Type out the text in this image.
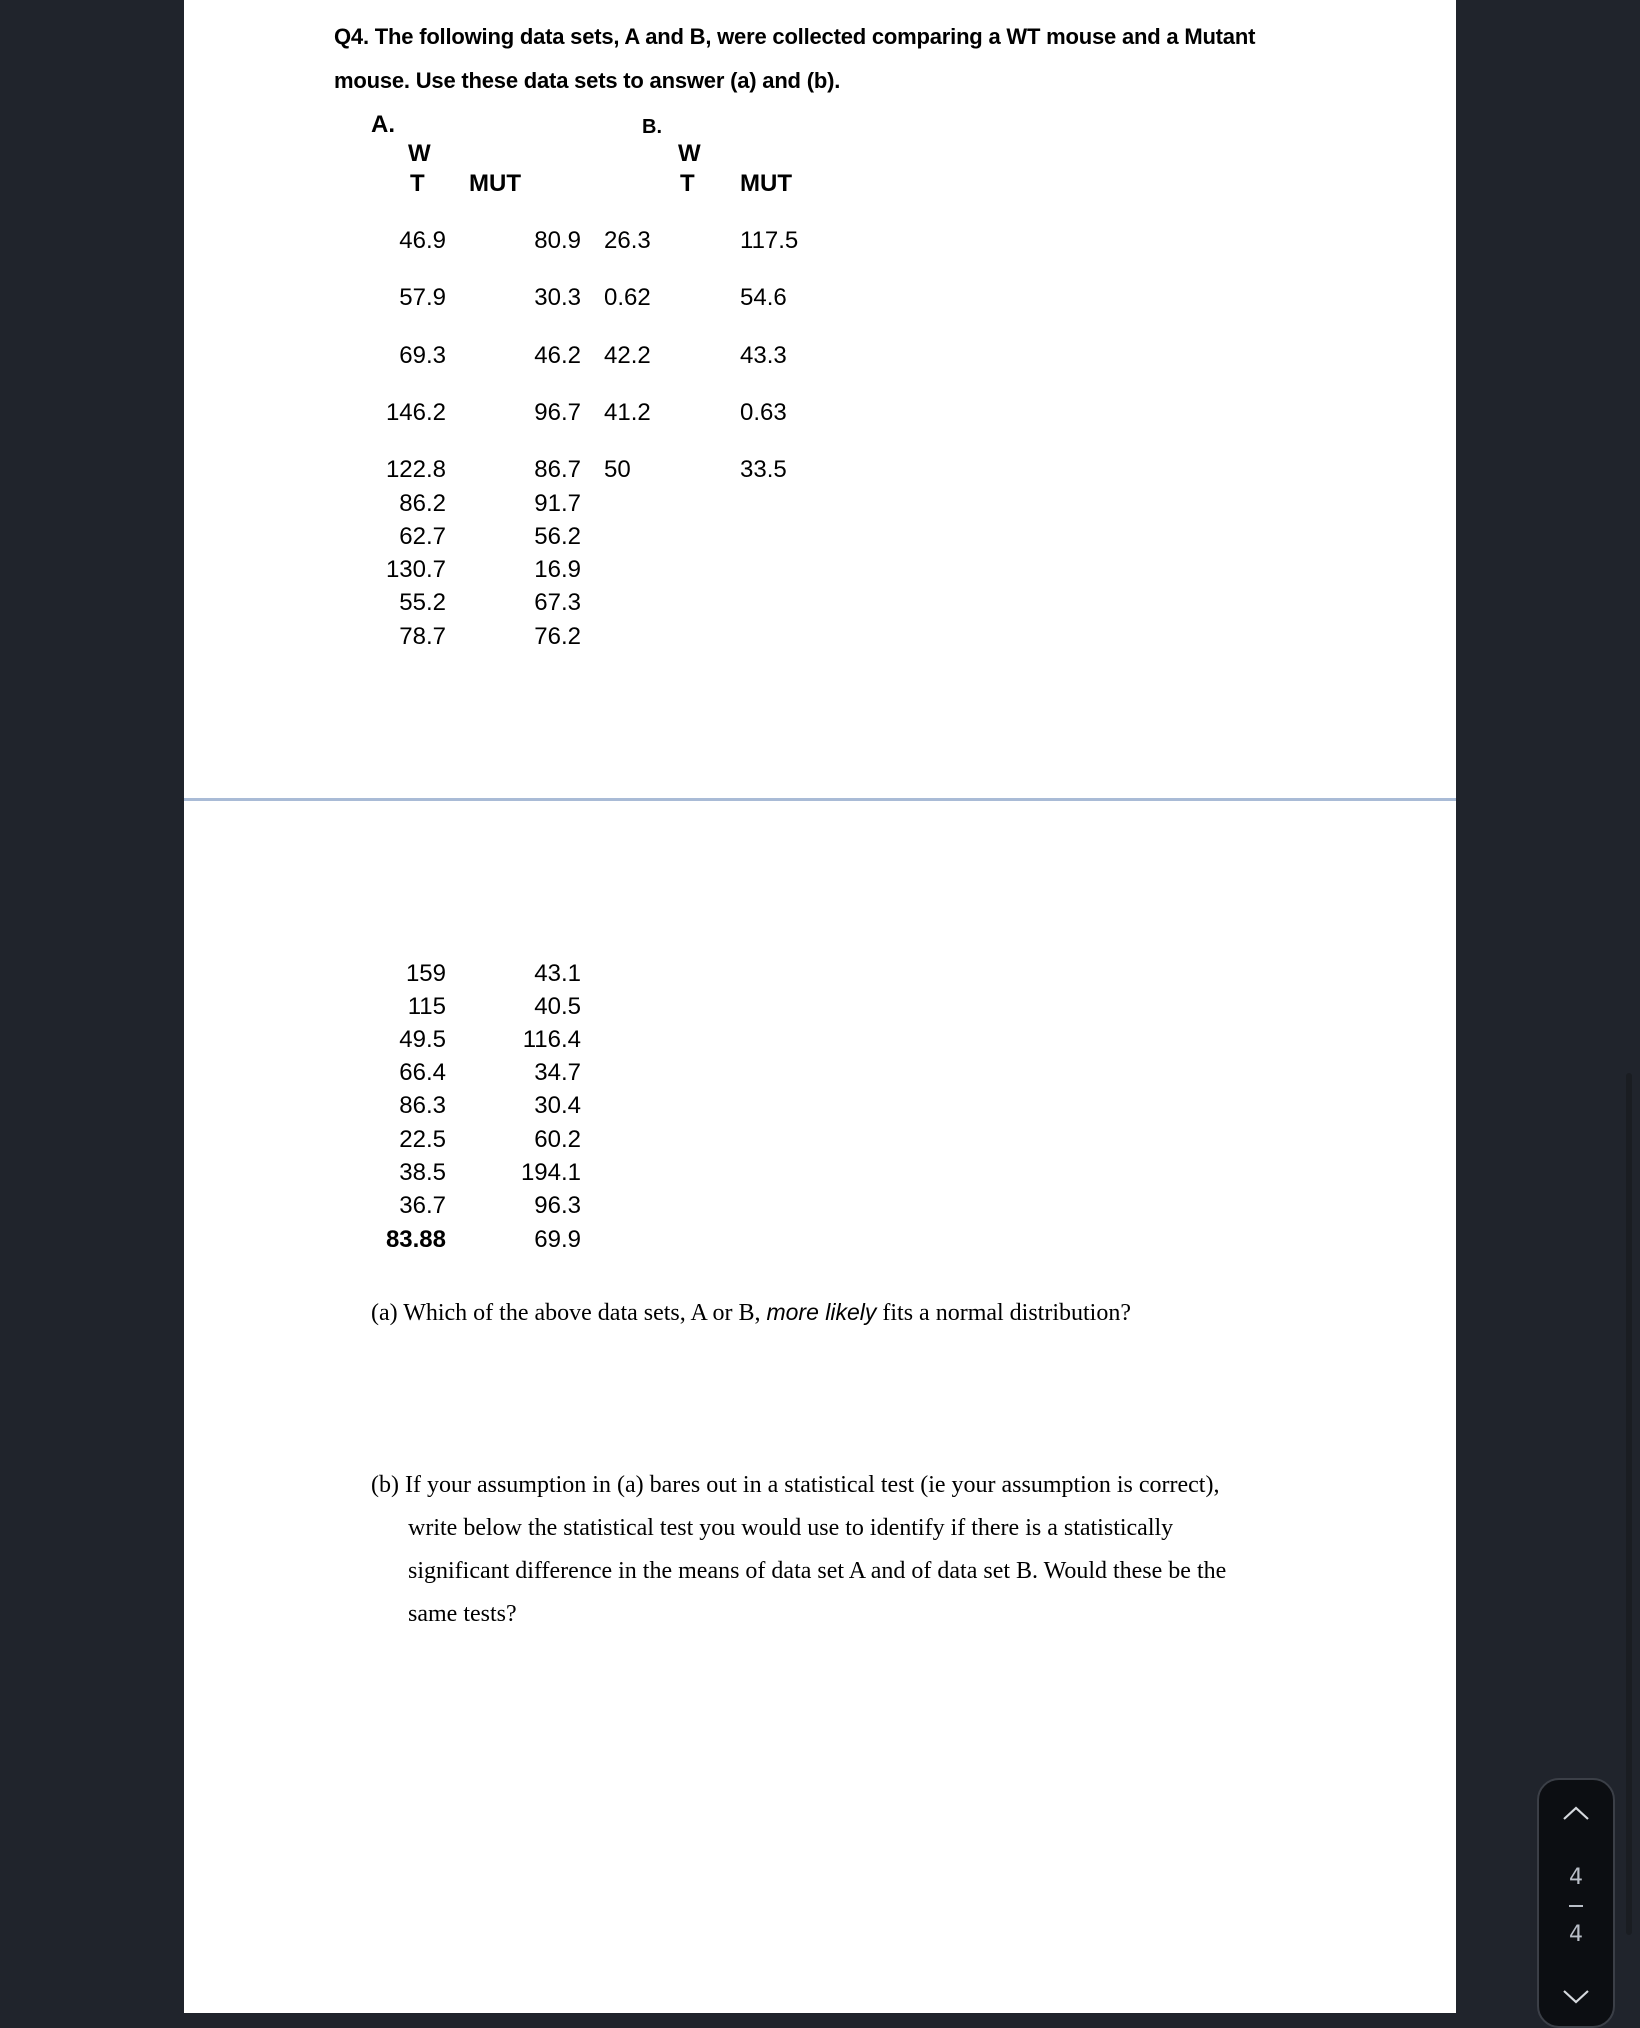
Q4. The following data sets, A and B, were collected comparing a WT mouse and a Mutant
mouse. Use these data sets to answer (a) and (b).
A.
W
T MUT
B.
W
T MUT
46.9
57.9
69.3
146.2
122.8
86.2
62.7
130.7
55.2
78.7
80.9
30.3
46.2
96.7
86.7
91.7
56.2
16.9
67.3
76.2
26.3
0.62
42.2
41.2
50
117.5
54.6
43.3
0.63
33.5
159
115
49.5
66.4
86.3
22.5
38.5
36.7
83.88
43.1
40.5
116.4
34.7
30.4
60.2
194.1
96.3
69.9
(a) Which of the above data sets, A or B, more likely fits a normal distribution?
(b) If your assumption in (a) bares out in a statistical test (ie your assumption is correct),
write below the statistical test you would use to identify if there is a statistically
significant difference in the means of data set A and of data set B. Would these be the
same tests?
4
4
